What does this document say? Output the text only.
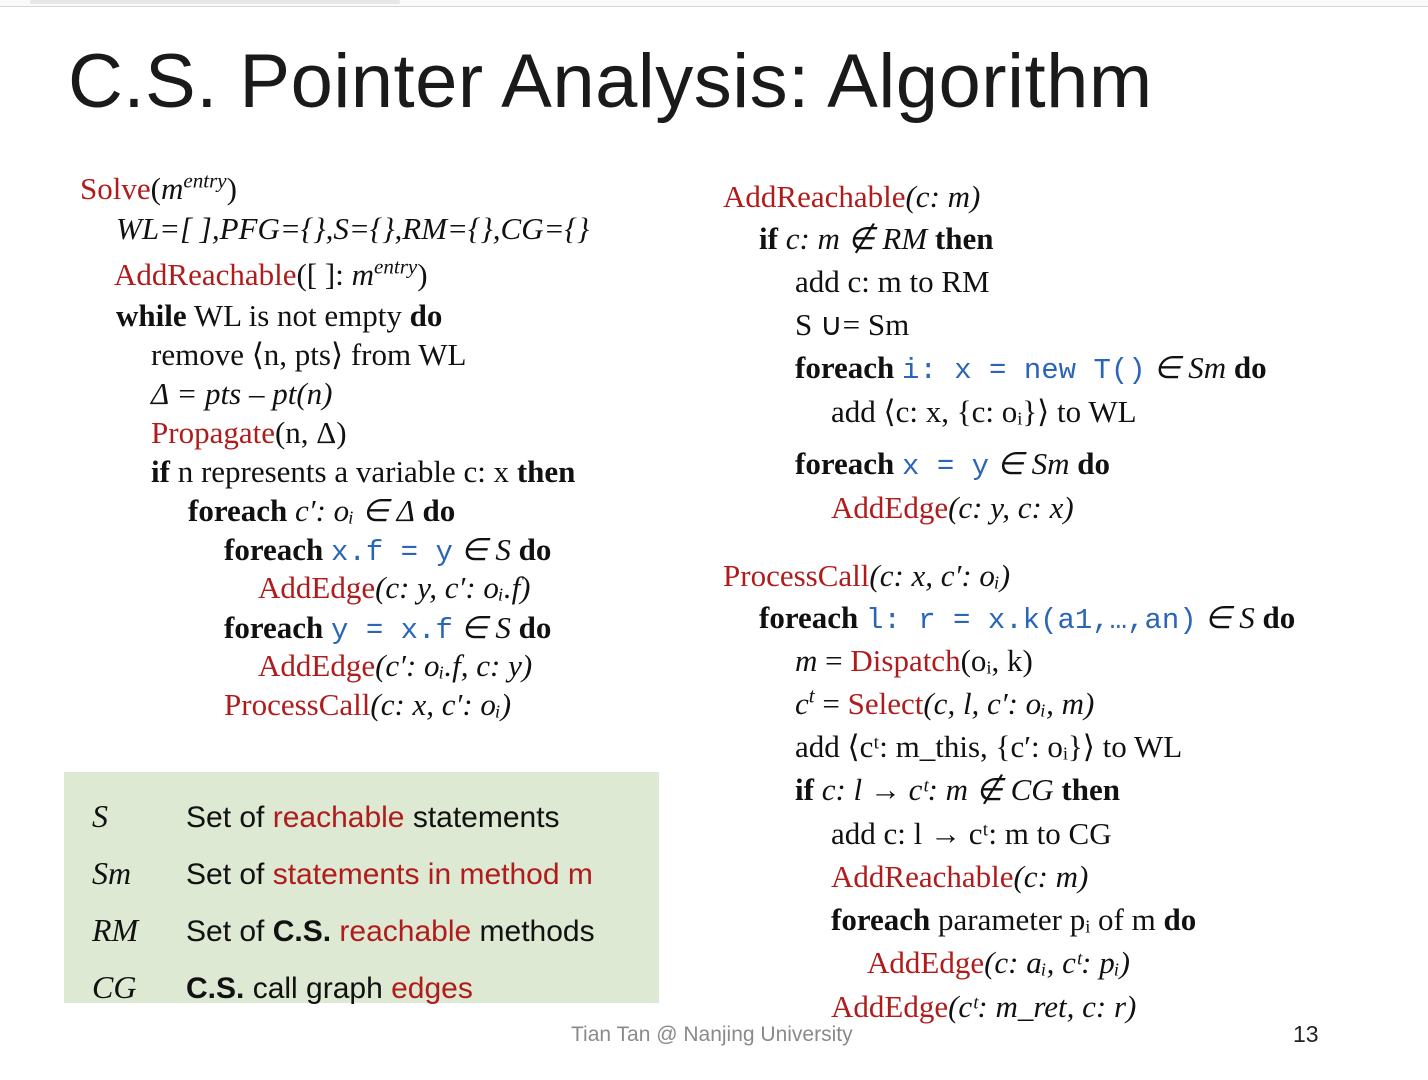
C.S. Pointer Analysis: Algorithm
$Solve(m^{entry})$
WL=[ ],PFG={},S={},RM={},CG={}
AddReachable([ ]: $m^{entry}$)
while WL is not empty do
remove ⟨n, pts⟩ from WL
Δ = pts – pt(n)
Propagate(n, Δ)
if n represents a variable c: x then
foreach c′: oᵢ ∈ Δ do
foreach x.f = y ∈ S do
AddEdge(c: y, c′: oᵢ.f)
foreach y = x.f ∈ S do
AddEdge(c′: oᵢ.f, c: y)
ProcessCall(c: x, c′: oᵢ)
AddReachable(c: m)
if c: m ∉ RM then
add c: m to RM
S ∪= Sm
foreach i: x = new T() ∈ Sm do
add ⟨c: x, {c: oᵢ}⟩ to WL
foreach x = y ∈ Sm do
AddEdge(c: y, c: x)
ProcessCall(c: x, c′: oᵢ)
foreach l: r = x.k(a1,…,an) ∈ S do
m = Dispatch(oᵢ, k)
$c^t$ = Select(c, l, c′: oᵢ, m)
add ⟨cᵗ: m_this, {c′: oᵢ}⟩ to WL
if c: l → cᵗ: m ∉ CG then
add c: l → cᵗ: m to CG
AddReachable(c: m)
foreach parameter pᵢ of m do
AddEdge(c: aᵢ, cᵗ: pᵢ)
AddEdge(cᵗ: m_ret, c: r)
S	Set of reachable statements
Sm Set of statements in method m
RM Set of C.S. reachable methods
CG C.S. call graph edges
Tian Tan @ Nanjing University	13
